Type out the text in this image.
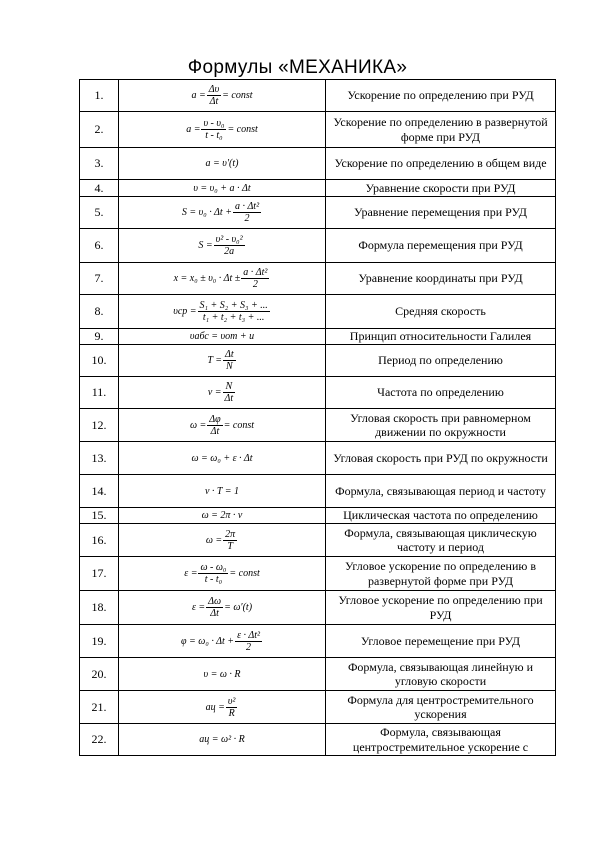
Формулы «МЕХАНИКА»
1.	$a = \frac{\Delta\upsilon}{\Delta t}$ = const	Ускорение по определению при РУД
2.	$a = \frac{\text{υ - υ₀}}{\text{t - t₀}}$ = const	Ускорение по определению в развернутой форме при РУД
3.	a = υ′(t)	Ускорение по определению в общем виде
4.	υ = υ₀ + a · Δt	Уравнение скорости при РУД
5.	$S = \upsilon_0 \cdot \Delta t + \frac{\text{a · Δt²}}{2}$	Уравнение перемещения при РУД
6.	$S = \frac{\text{υ² - υ₀²}}{2a}$	Формула перемещения при РУД
7.	$x = x_0 \pm \upsilon_0 \cdot \Delta t \pm \frac{\text{a · Δt²}}{2}$	Уравнение координаты при РУД
8.	$\upsilon ср = \frac{\text{S₁ + S₂ + S₃ + ...}}{\text{t₁ + t₂ + t₃ + ...}}$	Средняя скорость
9.	υабс = υот + u	Принцип относительности Галилея
10.	$T = \frac{\Delta t}{N}$	Период по определению
11.	$\nu = \frac{N}{\Delta t}$	Частота по определению
12.	$\omega = \frac{\Delta\varphi}{\Delta t}$ = const	Угловая скорость при равномерном движении по окружности
13.	ω = ω₀ + ε · Δt	Угловая скорость при РУД по окружности
14.	ν · T = 1	Формула, связывающая период и частоту
15.	ω = 2π · ν	Циклическая частота по определению
16.	$\omega = \frac{2\pi}{T}$	Формула, связывающая циклическую частоту и период
17.	$\varepsilon = \frac{\text{ω - ω₀}}{\text{t - t₀}}$ = const	Угловое ускорение по определению в развернутой форме при РУД
18.	$\varepsilon = \frac{\Delta\omega}{\Delta t} = \omega'(t)$	Угловое ускорение по определению при РУД
19.	$\varphi = \omega_0 \cdot \Delta t + \frac{\text{ε · Δt²}}{2}$	Угловое перемещение при РУД
20.	υ = ω · R	Формула, связывающая линейную и угловую скорости
21.	aц = $\frac{\text{υ²}}{R}$	Формула для центростремительного ускорения
22.	aц = ω² · R	Формула, связывающая центростремительное ускорение с
